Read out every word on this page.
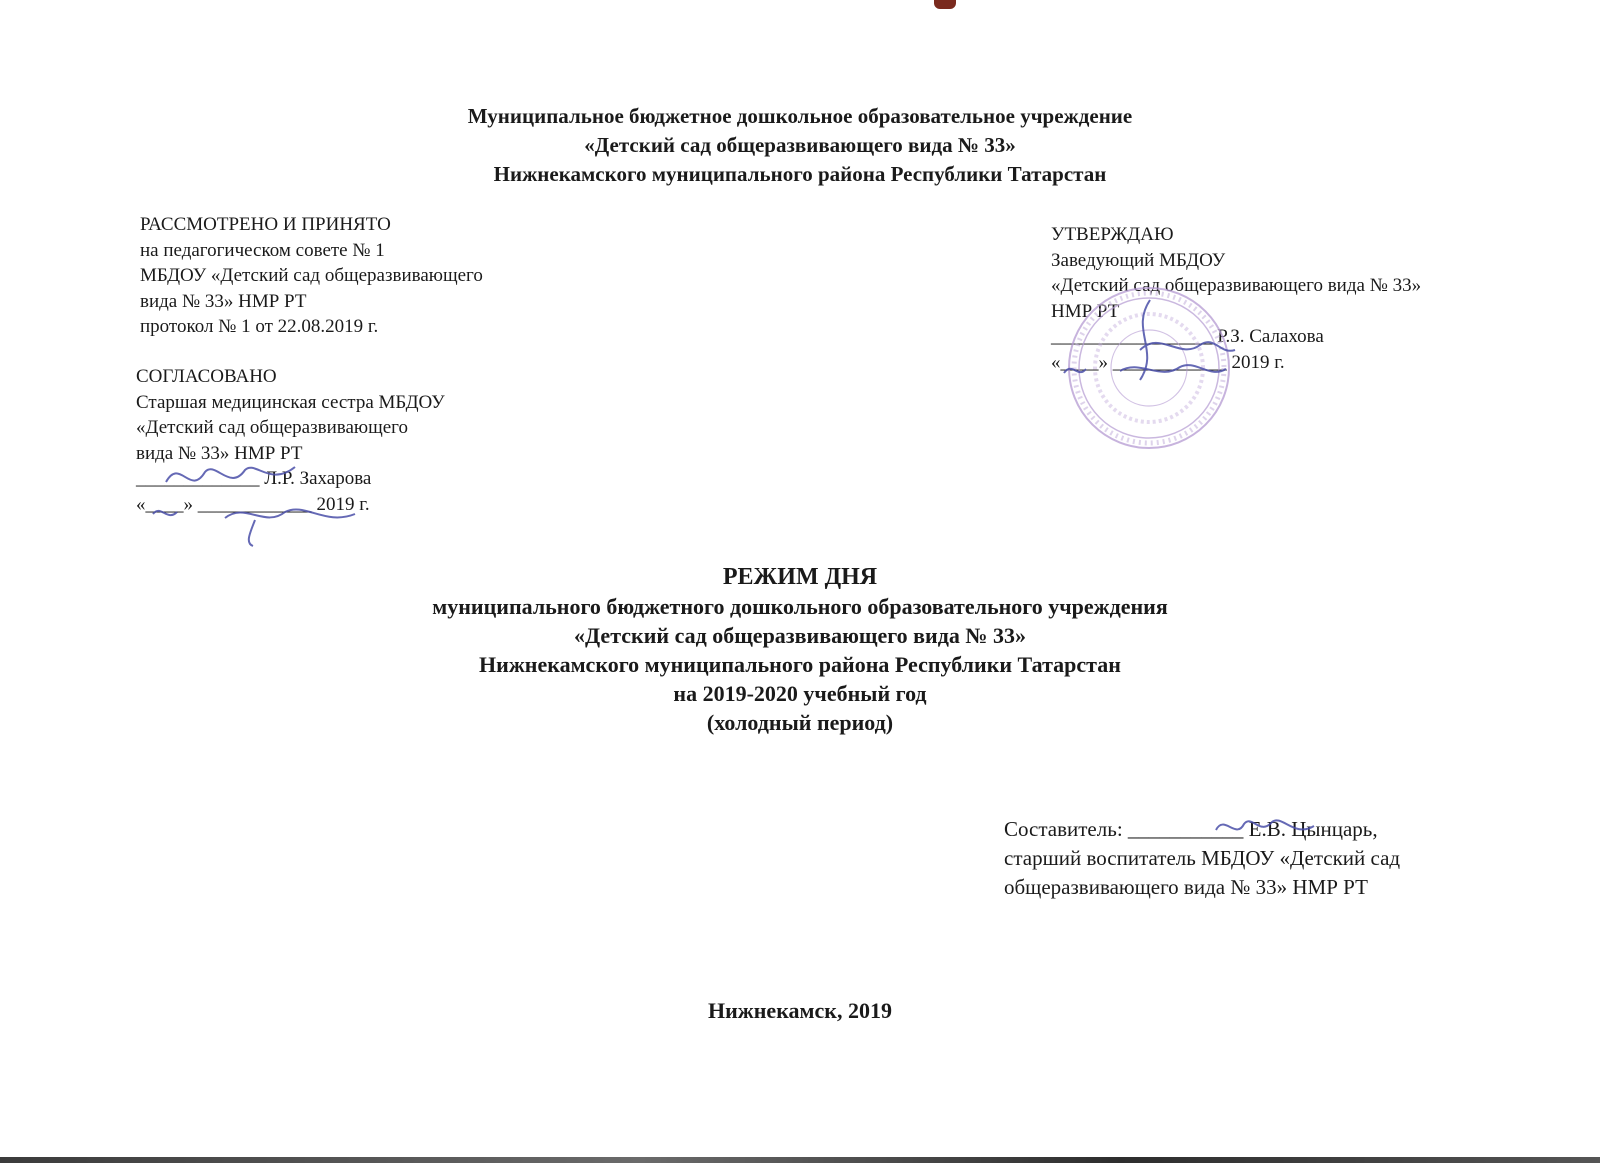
Муниципальное бюджетное дошкольное образовательное учреждение
«Детский сад общеразвивающего вида № 33»
Нижнекамского муниципального района Республики Татарстан
РАССМОТРЕНО И ПРИНЯТО
на педагогическом совете № 1
МБДОУ «Детский сад общеразвивающего
вида № 33» НМР РТ
протокол № 1 от 22.08.2019 г.
СОГЛАСОВАНО
Старшая медицинская сестра МБДОУ
«Детский сад общеразвивающего
вида № 33» НМР РТ
_____________ Л.Р. Захарова
«____» ____________ 2019 г.
УТВЕРЖДАЮ
Заведующий МБДОУ
«Детский сад общеразвивающего вида № 33»
НМР РТ
_________________ Р.З. Салахова
«____» ____________ 2019 г.
РЕЖИМ ДНЯ
муниципального бюджетного дошкольного образовательного учреждения
«Детский сад общеразвивающего вида № 33»
Нижнекамского муниципального района Республики Татарстан
на 2019-2020 учебный год
(холодный период)
Составитель: ___________ Е.В. Цынцарь,
старший воспитатель МБДОУ «Детский сад
общеразвивающего вида № 33» НМР РТ
Нижнекамск, 2019
